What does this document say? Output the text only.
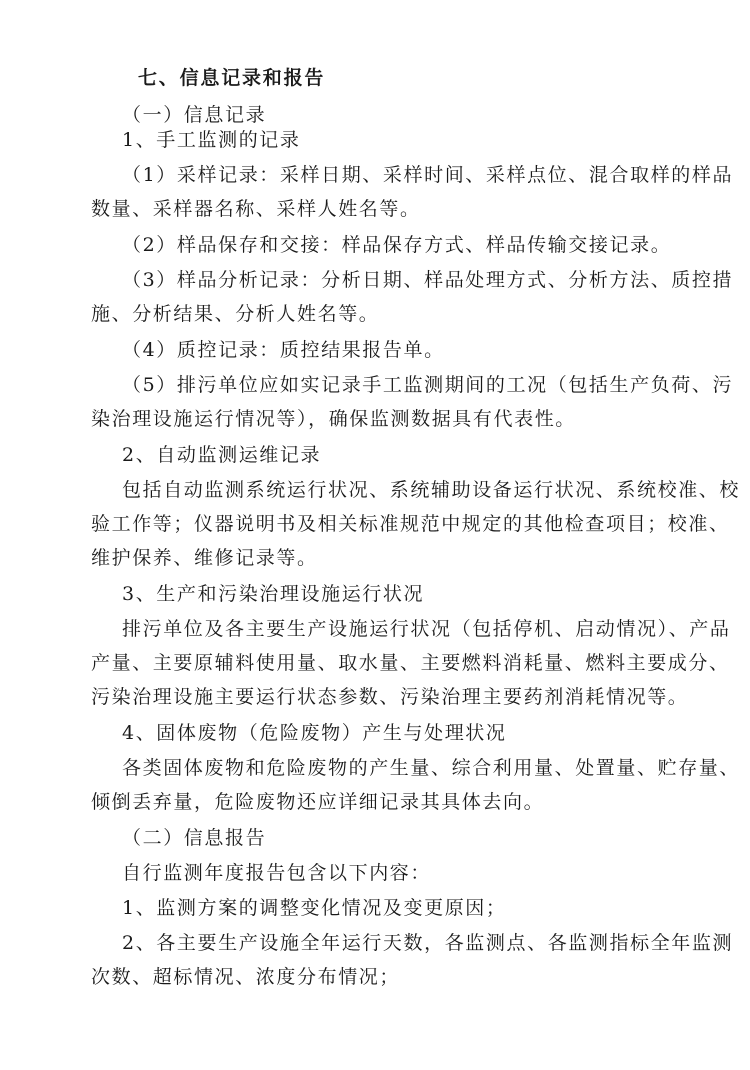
七、信息记录和报告
（一）信息记录
1、手工监测的记录
（1）采样记录：采样日期、采样时间、采样点位、混合取样的样品
数量、采样器名称、采样人姓名等。
（2）样品保存和交接：样品保存方式、样品传输交接记录。
（3）样品分析记录：分析日期、样品处理方式、分析方法、质控措
施、分析结果、分析人姓名等。
（4）质控记录：质控结果报告单。
（5）排污单位应如实记录手工监测期间的工况（包括生产负荷、污
染治理设施运行情况等），确保监测数据具有代表性。
2、自动监测运维记录
包括自动监测系统运行状况、系统辅助设备运行状况、系统校准、校
验工作等；仪器说明书及相关标准规范中规定的其他检查项目；校准、
维护保养、维修记录等。
3、生产和污染治理设施运行状况
排污单位及各主要生产设施运行状况（包括停机、启动情况）、产品
产量、主要原辅料使用量、取水量、主要燃料消耗量、燃料主要成分、
污染治理设施主要运行状态参数、污染治理主要药剂消耗情况等。
4、固体废物（危险废物）产生与处理状况
各类固体废物和危险废物的产生量、综合利用量、处置量、贮存量、
倾倒丢弃量，危险废物还应详细记录其具体去向。
（二）信息报告
自行监测年度报告包含以下内容：
1、监测方案的调整变化情况及变更原因；
2、各主要生产设施全年运行天数，各监测点、各监测指标全年监测
次数、超标情况、浓度分布情况；
